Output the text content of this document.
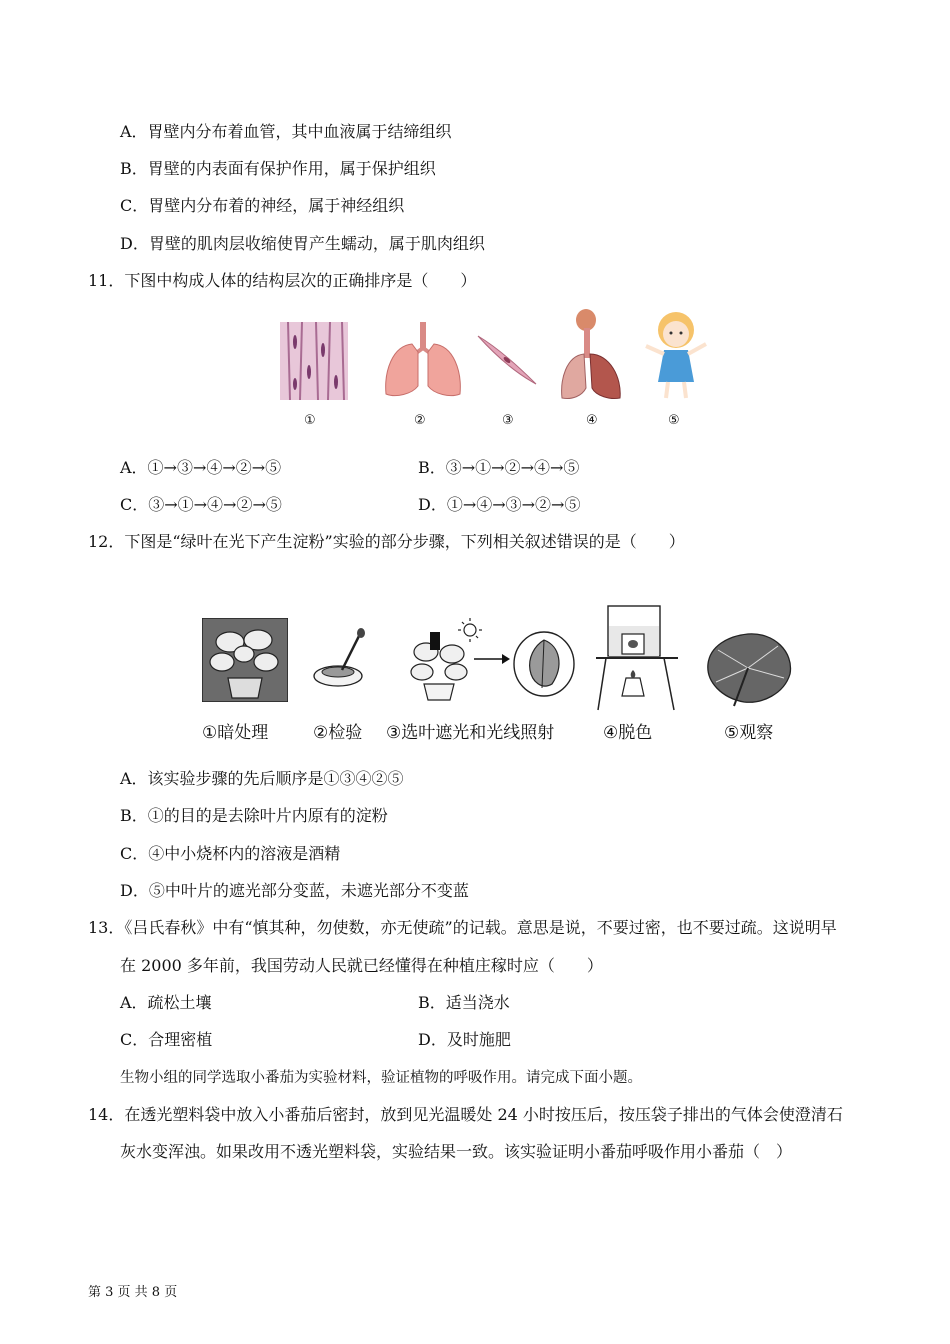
A．胃壁内分布着血管，其中血液属于结缔组织
B．胃壁的内表面有保护作用，属于保护组织
C．胃壁内分布着的神经，属于神经组织
D．胃壁的肌肉层收缩使胃产生蠕动，属于肌肉组织
11．下图中构成人体的结构层次的正确排序是（　　）
①	②	③	④	⑤
A．①→③→④→②→⑤	B．③→①→②→④→⑤
C．③→①→④→②→⑤	D．①→④→③→②→⑤
12．下图是“绿叶在光下产生淀粉”实验的部分步骤，下列相关叙述错误的是（　　）
①暗处理	②检验 ③选叶遮光和光线照射	④脱色	⑤观察
A．该实验步骤的先后顺序是①③④②⑤
B．①的目的是去除叶片内原有的淀粉
C．④中小烧杯内的溶液是酒精
D．⑤中叶片的遮光部分变蓝，未遮光部分不变蓝
13．《吕氏春秋》中有“慎其种，勿使数，亦无使疏”的记载。意思是说，不要过密，也不要过疏。这说明早
在 2000 多年前，我国劳动人民就已经懂得在种植庄稼时应（　　）
A．疏松土壤	B．适当浇水
C．合理密植	D．及时施肥
生物小组的同学选取小番茄为实验材料，验证植物的呼吸作用。请完成下面小题。
14．在透光塑料袋中放入小番茄后密封，放到见光温暖处 24 小时按压后，按压袋子排出的气体会使澄清石
灰水变浑浊。如果改用不透光塑料袋，实验结果一致。该实验证明小番茄呼吸作用小番茄（　）
第 3 页 共 8 页
